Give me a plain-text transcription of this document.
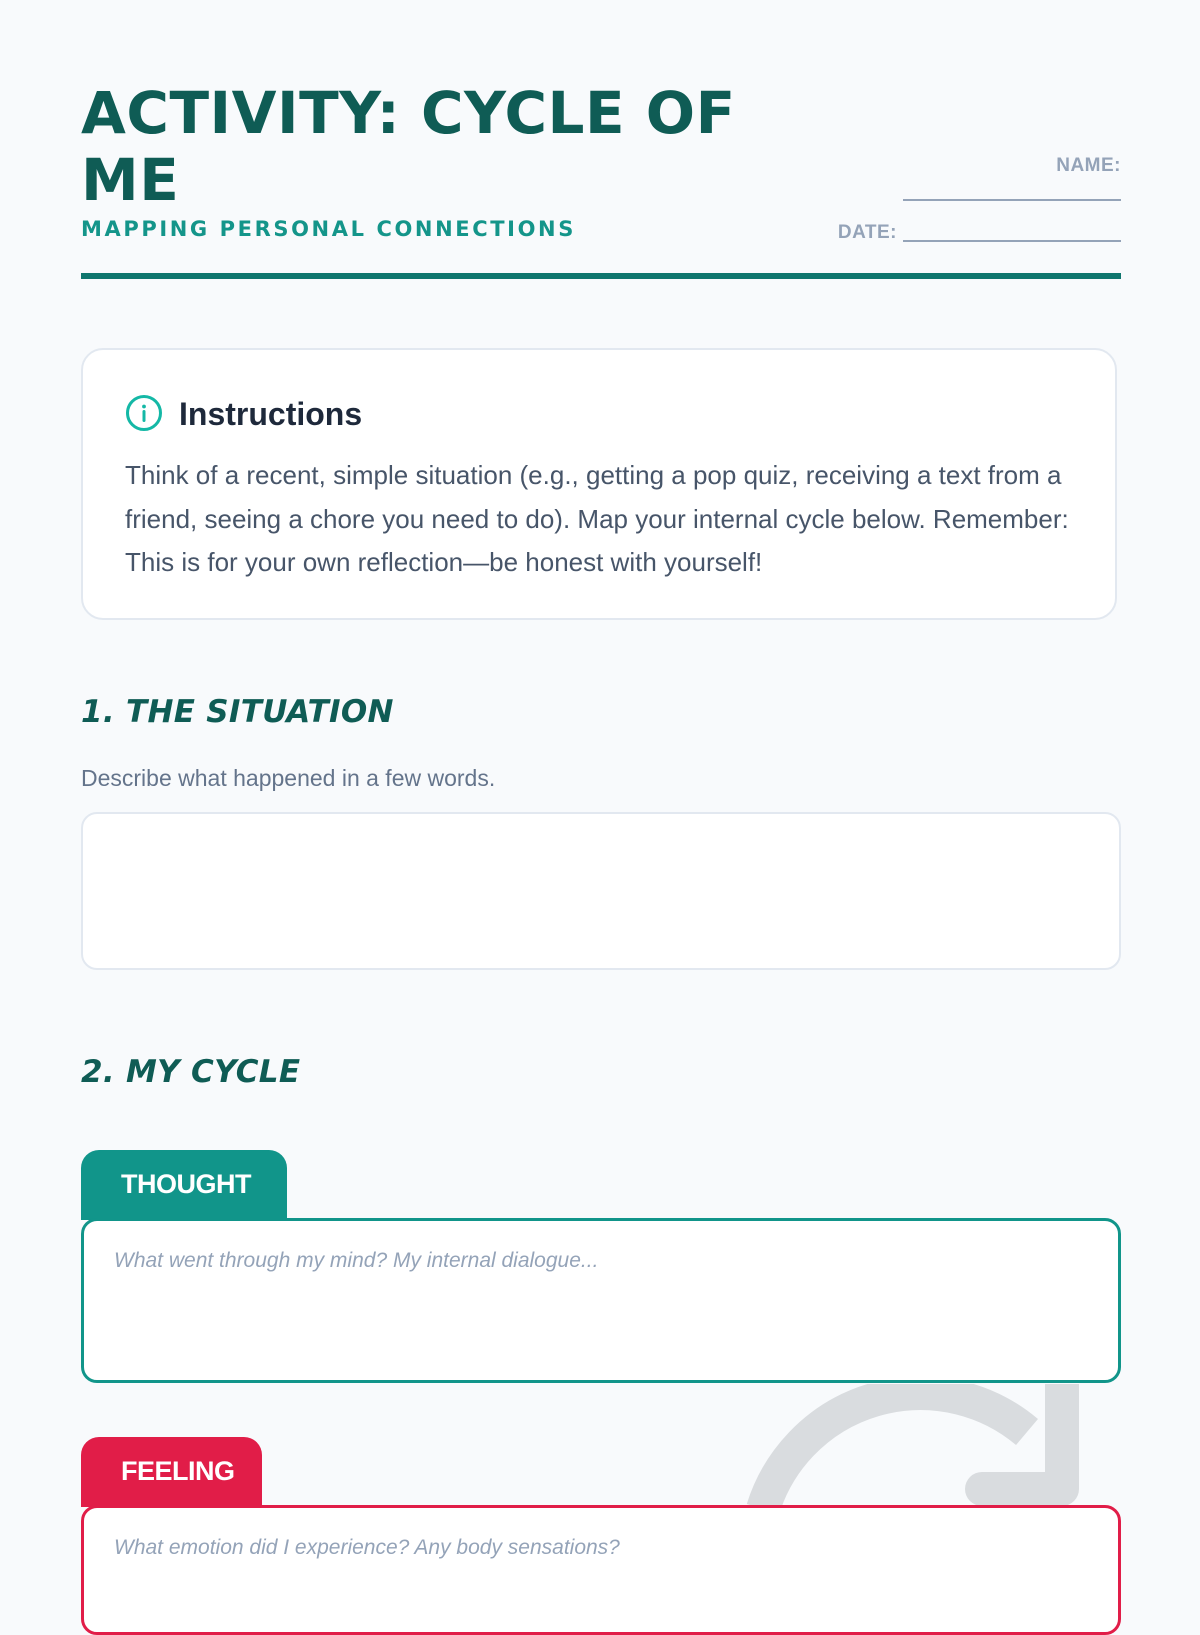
ACTIVITY: CYCLE OF ME
MAPPING PERSONAL CONNECTIONS
NAME:
DATE:
Instructions

Think of a recent, simple situation (e.g., getting a pop quiz, receiving a text from a friend, seeing a chore you need to do). Map your internal cycle below. Remember: This is for your own reflection—be honest with yourself!

1. THE SITUATION
Describe what happened in a few words.
2. MY CYCLE
THOUGHT
What went through my mind? My internal dialogue...
FEELING
What emotion did I experience? Any body sensations?
